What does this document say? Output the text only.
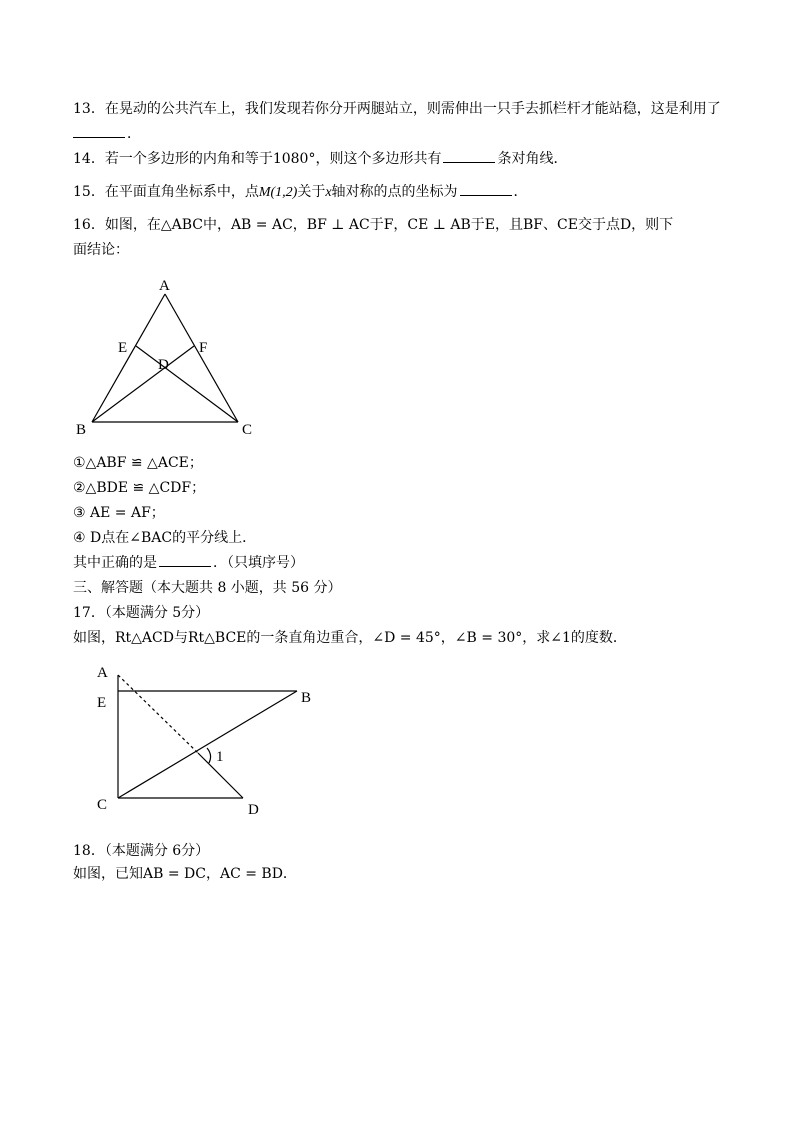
13．在晃动的公共汽车上，我们发现若你分开两腿站立，则需伸出一只手去抓栏杆才能站稳，这是利用了
．
14．若一个多边形的内角和等于1080°，则这个多边形共有	条对角线．
15．在平面直角坐标系中，点M(1,2)关于x轴对称的点的坐标为	．
16．如图，在△ABC中，AB = AC，BF ⊥ AC于F，CE ⊥ AB于E，且BF、CE交于点D，则下
面结论：
A
E	F
D
B	C
①△ABF ≌ △ACE；
②△BDE ≌ △CDF；
③ AE = AF；
④ D点在∠BAC的平分线上．
其中正确的是	．（只填序号）
三、解答题（本大题共 8 小题，共 56 分）
17．（本题满分 5分）
如图，Rt△ACD与Rt△BCE的一条直角边重合，∠D = 45°，∠B = 30°，求∠1的度数．
A
E	B
1
C	D
18．（本题满分 6分）
如图，已知AB = DC，AC = BD．
